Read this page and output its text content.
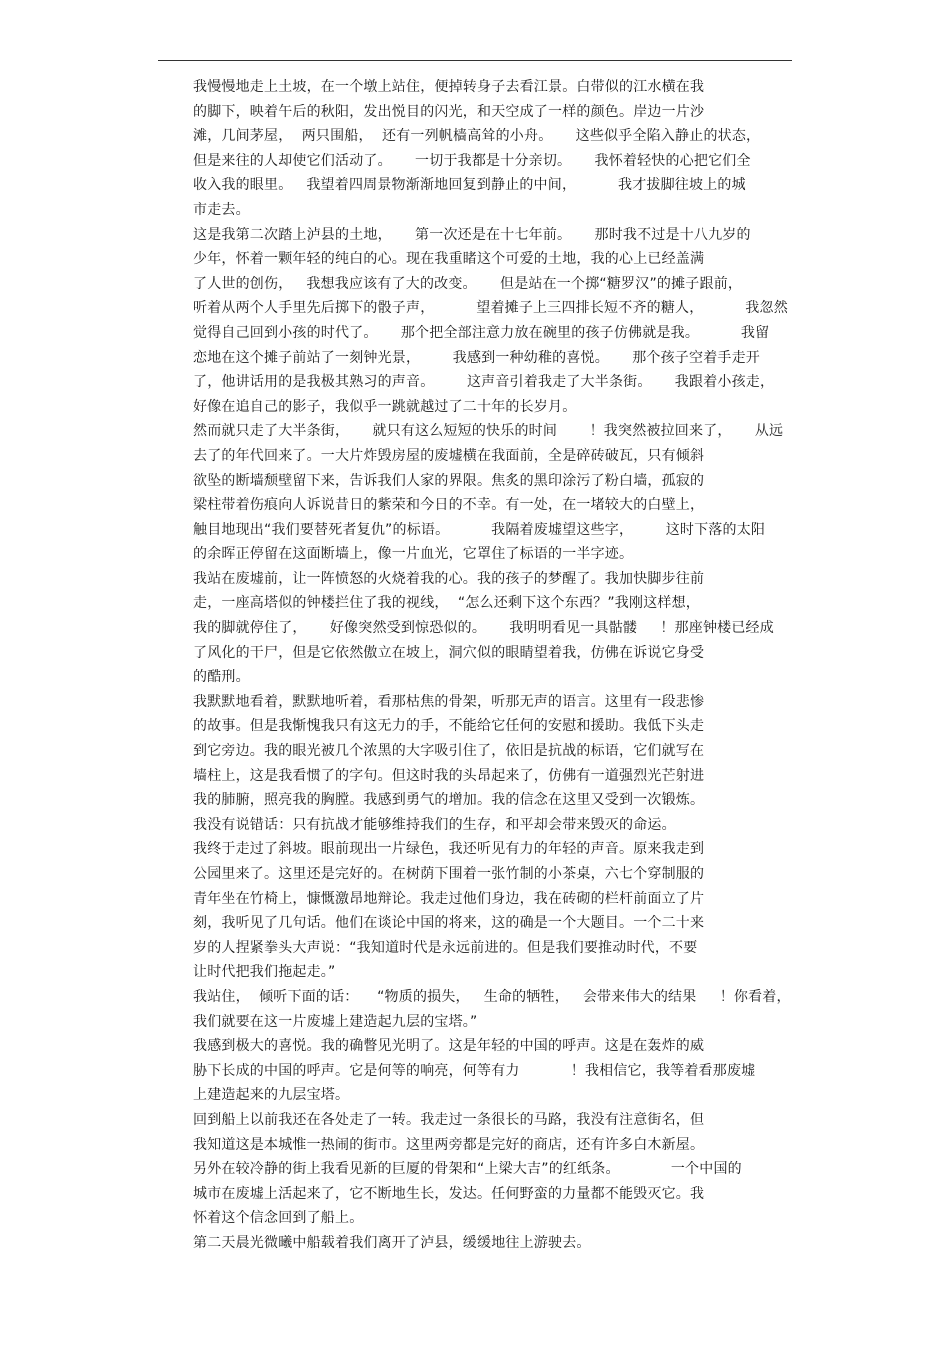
我慢慢地走上土坡，在一个墩上站住，便掉转身子去看江景。白带似的江水横在我
的脚下，映着午后的秋阳，发出悦目的闪光，和天空成了一样的颜色。岸边一片沙
滩，几间茅屋，  两只围船，  还有一列帆樯高耸的小舟。     这些似乎全陷入静止的状态，
但是来往的人却使它们活动了。     一切于我都是十分亲切。     我怀着轻快的心把它们全
收入我的眼里。   我望着四周景物渐渐地回复到静止的中间，         我才拔脚往坡上的城
市走去。
这是我第二次踏上泸县的土地，     第一次还是在十七年前。     那时我不过是十八九岁的
少年，怀着一颗年轻的纯白的心。现在我重睹这个可爱的土地，我的心上已经盖满
了人世的创伤，   我想我应该有了大的改变。     但是站在一个掷“糖罗汉”的摊子跟前，
听着从两个人手里先后掷下的骰子声，         望着摊子上三四排长短不齐的糖人，         我忽然
觉得自己回到小孩的时代了。     那个把全部注意力放在碗里的孩子仿佛就是我。         我留
恋地在这个摊子前站了一刻钟光景，       我感到一种幼稚的喜悦。     那个孩子空着手走开
了，他讲话用的是我极其熟习的声音。       这声音引着我走了大半条街。     我跟着小孩走，
好像在追自己的影子，我似乎一跳就越过了二十年的长岁月。
然而就只走了大半条街，     就只有这么短短的快乐的时间       ！我突然被拉回来了，     从远
去了的年代回来了。一大片炸毁房屋的废墟横在我面前，全是碎砖破瓦，只有倾斜
欲坠的断墙颓壁留下来，告诉我们人家的界限。焦炙的黑印涂污了粉白墙，孤寂的
梁柱带着伤痕向人诉说昔日的紫荣和今日的不幸。有一处，在一堵较大的白壁上，
触目地现出“我们要替死者复仇”的标语。         我隔着废墟望这些字，       这时下落的太阳
的余晖正停留在这面断墙上，像一片血光，它罩住了标语的一半字迹。
我站在废墟前，让一阵愤怒的火烧着我的心。我的孩子的梦醒了。我加快脚步往前
走，一座高塔似的钟楼拦住了我的视线，  “怎么还剩下这个东西？”我刚这样想，
我的脚就停住了，     好像突然受到惊恐似的。     我明明看见一具骷髅     ！那座钟楼已经成
了风化的干尸，但是它依然傲立在坡上，洞穴似的眼睛望着我，仿佛在诉说它身受
的酷刑。
我默默地看着，默默地听着，看那枯焦的骨架，听那无声的语言。这里有一段悲惨
的故事。但是我惭愧我只有这无力的手，不能给它任何的安慰和援助。我低下头走
到它旁边。我的眼光被几个浓黑的大字吸引住了，依旧是抗战的标语，它们就写在
墙柱上，这是我看惯了的字句。但这时我的头昂起来了，仿佛有一道强烈光芒射进
我的肺腑，照亮我的胸膛。我感到勇气的增加。我的信念在这里又受到一次锻炼。
我没有说错话：只有抗战才能够维持我们的生存，和平却会带来毁灭的命运。
我终于走过了斜坡。眼前现出一片绿色，我还听见有力的年轻的声音。原来我走到
公园里来了。这里还是完好的。在树荫下围着一张竹制的小茶桌，六七个穿制服的
青年坐在竹椅上，慷慨激昂地辩论。我走过他们身边，我在砖砌的栏杆前面立了片
刻，我听见了几句话。他们在谈论中国的将来，这的确是一个大题目。一个二十来
岁的人捏紧拳头大声说：“我知道时代是永远前进的。但是我们要推动时代，不要
让时代把我们拖起走。”
我站住，  倾听下面的话：    “物质的损失，   生命的牺牲，   会带来伟大的结果     ！你看着，
我们就要在这一片废墟上建造起九层的宝塔。”
我感到极大的喜悦。我的确瞥见光明了。这是年轻的中国的呼声。这是在轰炸的威
胁下长成的中国的呼声。它是何等的响亮，何等有力           ！我相信它，我等着看那废墟
上建造起来的九层宝塔。
回到船上以前我还在各处走了一转。我走过一条很长的马路，我没有注意街名，但
我知道这是本城惟一热闹的街市。这里两旁都是完好的商店，还有许多白木新屋。
另外在较冷静的街上我看见新的巨厦的骨架和“上梁大吉”的红纸条。           一个中国的
城市在废墟上活起来了，它不断地生长，发达。任何野蛮的力量都不能毁灭它。我
怀着这个信念回到了船上。
第二天晨光微曦中船载着我们离开了泸县，缓缓地往上游驶去。
